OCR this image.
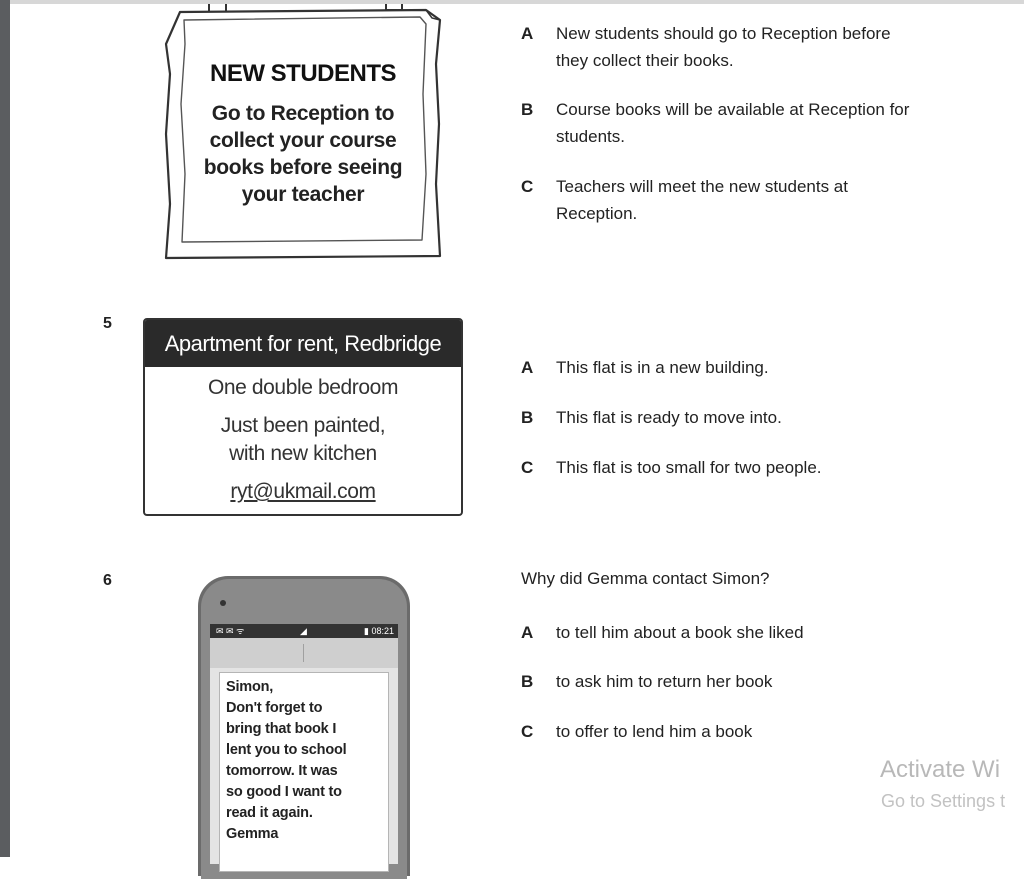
NEW STUDENTS
Go to Reception to collect your course books before seeing your teacher
A	New students should go to Reception before they collect their books.
B	Course books will be available at Reception for students.
C	Teachers will meet the new students at Reception.
5
Apartment for rent, Redbridge
One double bedroom
Just been painted,
with new kitchen
ryt@ukmail.com
A	This flat is in a new building.
B	This flat is ready to move into.
C	This flat is too small for two people.
6
✉ ✉ ᯤ	◢	▮ 08:21
Simon,
Don't forget to
bring that book I
lent you to school
tomorrow. It was
so good I want to
read it again.
Gemma
Why did Gemma contact Simon?
A	to tell him about a book she liked
B	to ask him to return her book
C	to offer to lend him a book
Activate Wi
Go to Settings t
